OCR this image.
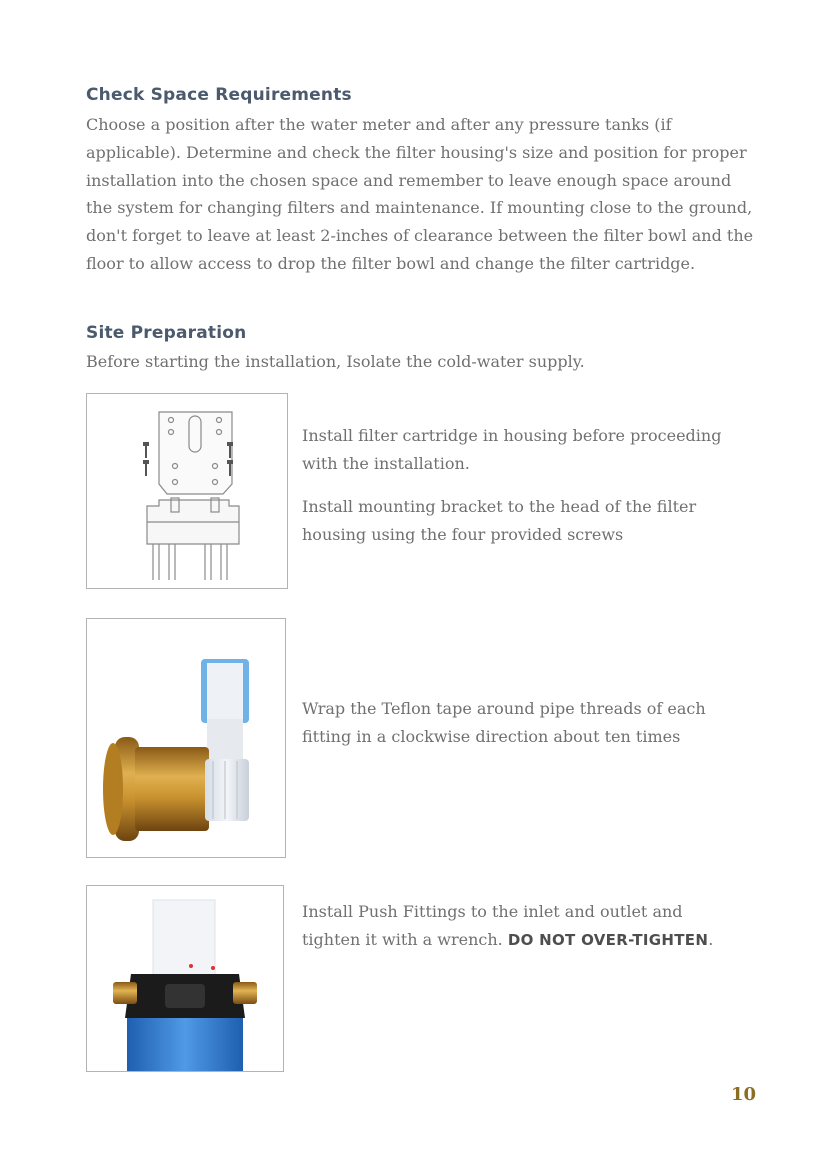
Check Space Requirements

Choose a position after the water meter and after any pressure tanks (if applicable). Determine and check the filter housing's size and position for proper installation into the chosen space and remember to leave enough space around the system for changing filters and maintenance. If mounting close to the ground, don't forget to leave at least 2-inches of clearance between the filter bowl and the floor to allow access to drop the filter bowl and change the filter cartridge.

Site Preparation

Before starting the installation, Isolate the cold-water supply.

Install filter cartridge in housing before proceeding with the installation.

Install mounting bracket to the head of the filter housing using the four provided screws

Wrap the Teflon tape around pipe threads of each fitting in a clockwise direction about ten times

Install Push Fittings to the inlet and outlet and tighten it with a wrench. DO NOT OVER-TIGHTEN.

10
